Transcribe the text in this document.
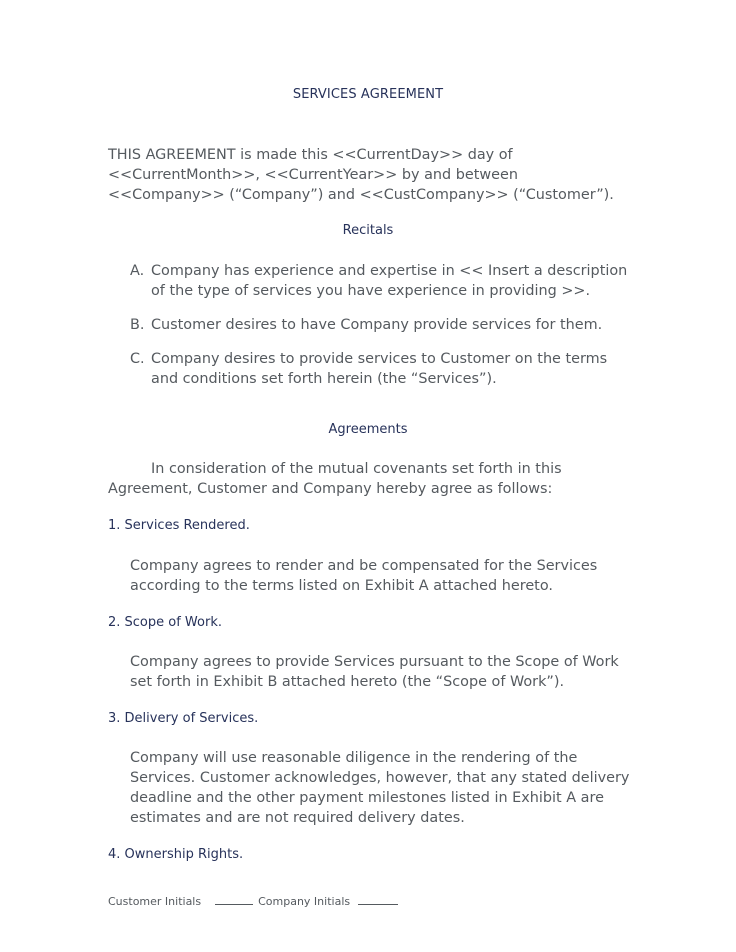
SERVICES AGREEMENT
THIS AGREEMENT is made this <<CurrentDay>> day of <<CurrentMonth>>, <<CurrentYear>> by and between <<Company>> (“Company”) and <<CustCompany>> (“Customer”).
Recitals
A. Company has experience and expertise in << Insert a description of the type of services you have experience in providing >>.
B. Customer desires to have Company provide services for them.
C. Company desires to provide services to Customer on the terms and conditions set forth herein (the “Services”).
Agreements
In consideration of the mutual covenants set forth in this Agreement, Customer and Company hereby agree as follows:
1. Services Rendered.
Company agrees to render and be compensated for the Services according to the terms listed on Exhibit A attached hereto.
2. Scope of Work.
Company agrees to provide Services pursuant to the Scope of Work set forth in Exhibit B attached hereto (the “Scope of Work”).
3. Delivery of Services.
Company will use reasonable diligence in the rendering of the Services. Customer acknowledges, however, that any stated delivery deadline and the other payment milestones listed in Exhibit A are estimates and are not required delivery dates.
4. Ownership Rights.
Customer Initials	Company Initials
